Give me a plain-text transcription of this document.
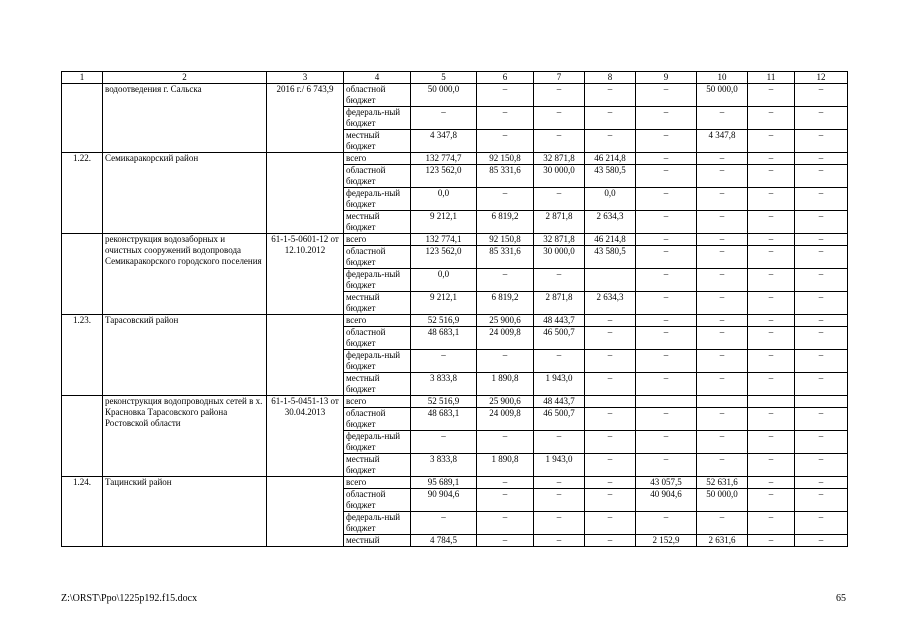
1	2	3	4	5	6	7	8	9	10	11	12
	водоотведения г. Сальска	2016 г./ 6 743,9	областной бюджет	50 000,0	–	–	–	–	50 000,0	–	–
			федераль-ный бюджет	–	–	–	–	–	–	–	–
			местный бюджет	4 347,8	–	–	–	–	4 347,8	–	–
1.22.	Семикаракорский район		всего	132 774,7	92 150,8	32 871,8	46 214,8	–	–	–	–
			областной бюджет	123 562,0	85 331,6	30 000,0	43 580,5	–	–	–	–
			федераль-ный бюджет	0,0	–	–	0,0	–	–	–	–
			местный бюджет	9 212,1	6 819,2	2 871,8	2 634,3	–	–	–	–
	реконструкция водозаборных и очистных сооружений водопровода Семикаракорского городского поселения	61-1-5-0601-12 от 12.10.2012	всего	132 774,1	92 150,8	32 871,8	46 214,8	–	–	–	–
			областной бюджет	123 562,0	85 331,6	30 000,0	43 580,5	–	–	–	–
			федераль-ный бюджет	0,0	–	–		–	–	–	–
			местный бюджет	9 212,1	6 819,2	2 871,8	2 634,3	–	–	–	–
1.23.	Тарасовский район		всего	52 516,9	25 900,6	48 443,7	–	–	–	–	–
			областной бюджет	48 683,1	24 009,8	46 500,7	–	–	–	–	–
			федераль-ный бюджет	–	–	–	–	–	–	–	–
			местный бюджет	3 833,8	1 890,8	1 943,0	–	–	–	–	–
	реконструкция водопроводных сетей в х. Красновка Тарасовского района Ростовской области	61-1-5-0451-13 от 30.04.2013	всего	52 516,9	25 900,6	48 443,7					
			областной бюджет	48 683,1	24 009,8	46 500,7	–	–	–	–	–
			федераль-ный бюджет	–	–	–	–	–	–	–	–
			местный бюджет	3 833,8	1 890,8	1 943,0	–	–	–	–	–
1.24.	Тацинский район		всего	95 689,1	–	–	–	43 057,5	52 631,6	–	–
			областной бюджет	90 904,6	–	–	–	40 904,6	50 000,0	–	–
			федераль-ный бюджет	–	–	–	–	–	–	–	–
			местный	4 784,5	–	–	–	2 152,9	2 631,6	–	–
Z:\ORST\Ppo\1225p192.f15.docx	65
